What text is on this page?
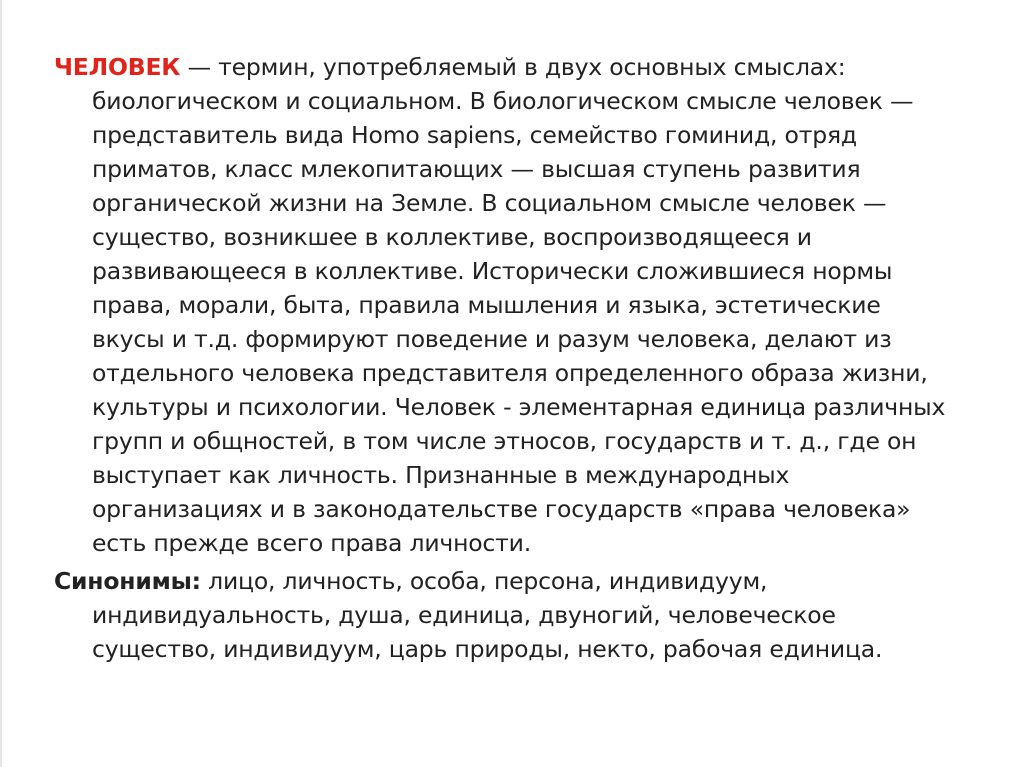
ЧЕЛОВЕК — термин, употребляемый в двух основных смыслах: биологическом и социальном. В биологическом смысле человек — представитель вида Homo sapiens, семейство гоминид, отряд приматов, класс млекопитающих — высшая ступень развития органической жизни на Земле. В социальном смысле человек — существо, возникшее в коллективе, воспроизводящееся и развивающееся в коллективе. Исторически сложившиеся нормы права, морали, быта, правила мышления и языка, эстетические вкусы и т.д. формируют поведение и разум человека, делают из отдельного человека представителя определенного образа жизни, культуры и психологии. Человек - элементарная единица различных групп и общностей, в том числе этносов, государств и т. д., где он выступает как личность. Признанные в международных организациях и в законодательстве государств «права человека» есть прежде всего права личности.

Синонимы: лицо, личность, особа, персона, индивидуум, индивидуальность, душа, единица, двуногий, человеческое существо, индивидуум, царь природы, некто, рабочая единица.
